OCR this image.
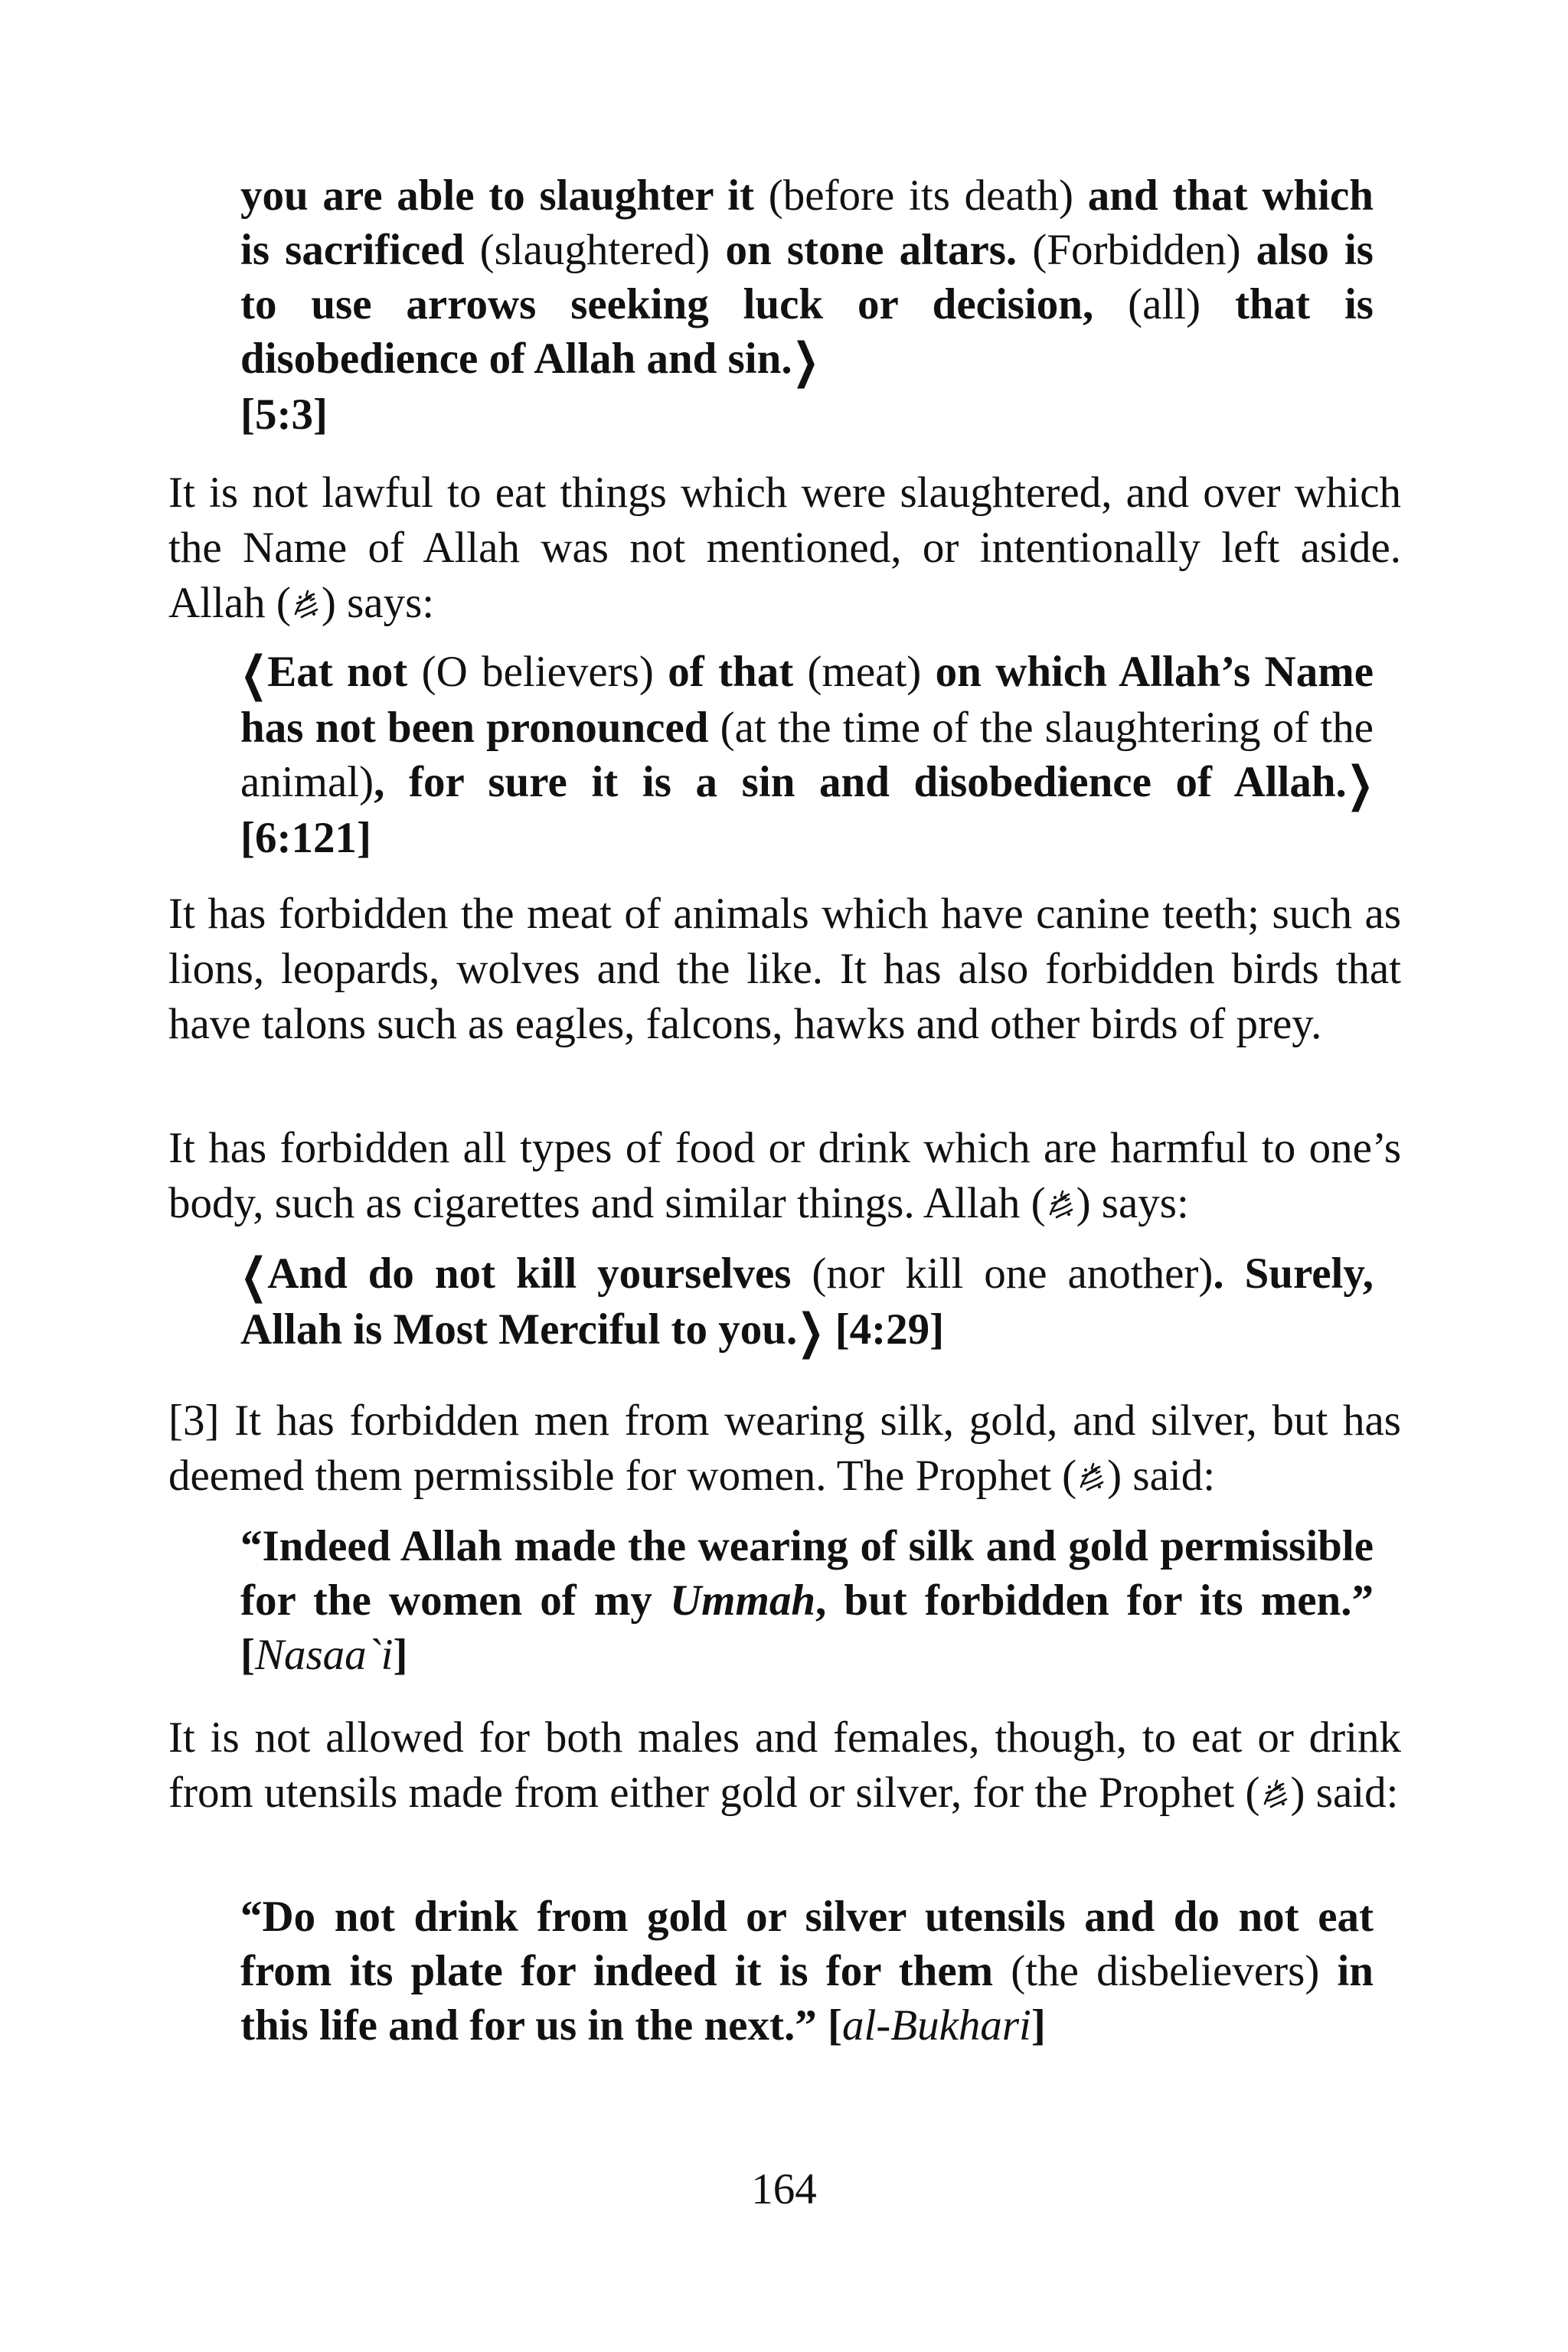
you are able to slaughter it (before its death) and that which is sacrificed (slaughtered) on stone altars. (Forbidden) also is to use arrows seeking luck or decision, (all) that is disobedience of Allah and sin.❯
[5:3]
It is not lawful to eat things which were slaughtered, and over which the Name of Allah was not mentioned, or intentionally left aside. Allah ( ) says:
❮Eat not (O believers) of that (meat) on which Allah’s Name has not been pronounced (at the time of the slaughtering of the animal), for sure it is a sin and disobedience of Allah.❯ [6:121]
It has forbidden the meat of animals which have canine teeth; such as lions, leopards, wolves and the like. It has also forbidden birds that have talons such as eagles, falcons, hawks and other birds of prey.
It has forbidden all types of food or drink which are harmful to one’s body, such as cigarettes and similar things. Allah ( ) says:
❮And do not kill yourselves (nor kill one another). Surely, Allah is Most Merciful to you.❯ [4:29]
[3] It has forbidden men from wearing silk, gold, and silver, but has deemed them permissible for women. The Prophet ( ) said:
“Indeed Allah made the wearing of silk and gold permissible for the women of my Ummah, but forbidden for its men.” [Nasaa`i]
It is not allowed for both males and females, though, to eat or drink from utensils made from either gold or silver, for the Prophet ( ) said:
“Do not drink from gold or silver utensils and do not eat from its plate for indeed it is for them (the disbelievers) in this life and for us in the next.” [al-Bukhari]
164
